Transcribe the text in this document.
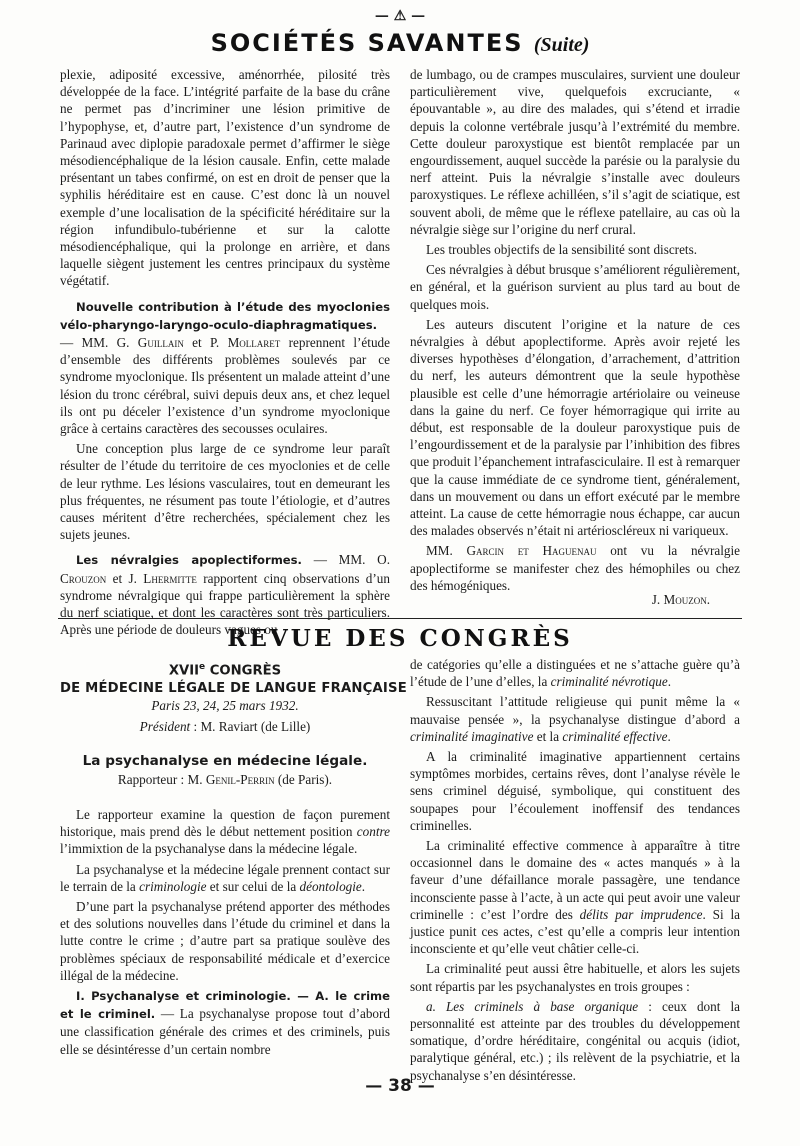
— ⚠ —
SOCIÉTÉS SAVANTES (Suite)

plexie, adiposité excessive, aménorrhée, pilosité très développée de la face. L’intégrité parfaite de la base du crâne ne permet pas d’incriminer une lésion primitive de l’hypophyse, et, d’autre part, l’existence d’un syndrome de Parinaud avec diplopie paradoxale permet d’affirmer le siège mésodiencéphalique de la lésion causale. Enfin, cette malade présentant un tabes confirmé, on est en droit de penser que la syphilis héréditaire est en cause. C’est donc là un nouvel exemple d’une localisation de la spécificité héréditaire sur la région infundibulo-tubérienne et sur la calotte mésodiencéphalique, qui la prolonge en arrière, et dans laquelle siègent justement les centres principaux du système végétatif.

Nouvelle contribution à l’étude des myoclonies vélo-pharyngo-laryngo-oculo-diaphragmatiques.— MM. G. Guillain et P. Mollaret reprennent l’étude d’ensemble des différents problèmes soulevés par ce syndrome myoclonique. Ils présentent un malade atteint d’une lésion du tronc cérébral, suivi depuis deux ans, et chez lequel ils ont pu déceler l’existence d’un syndrome myoclonique grâce à certains caractères des secousses oculaires.

Une conception plus large de ce syndrome leur paraît résulter de l’étude du territoire de ces myoclonies et de celle de leur rythme. Les lésions vasculaires, tout en demeurant les plus fréquentes, ne résument pas toute l’étiologie, et d’autres causes méritent d’être recherchées, spécialement chez les sujets jeunes.

Les névralgies apoplectiformes. — MM. O. Crouzon et J. Lhermitte rapportent cinq observations d’un syndrome névralgique qui frappe particulièrement la sphère du nerf sciatique, et dont les caractères sont très particuliers. Après une période de douleurs vagues ou

de lumbago, ou de crampes musculaires, survient une douleur particulièrement vive, quelquefois excruciante, « épouvantable », au dire des malades, qui s’étend et irradie depuis la colonne vertébrale jusqu’à l’extrémité du membre. Cette douleur paroxystique est bientôt remplacée par un engourdissement, auquel succède la parésie ou la paralysie du nerf atteint. Puis la névralgie s’installe avec douleurs paroxystiques. Le réflexe achilléen, s’il s’agit de sciatique, est souvent aboli, de même que le réflexe patellaire, au cas où la névralgie siège sur l’origine du nerf crural.

Les troubles objectifs de la sensibilité sont discrets.

Ces névralgies à début brusque s’améliorent régulièrement, en général, et la guérison survient au plus tard au bout de quelques mois.

Les auteurs discutent l’origine et la nature de ces névralgies à début apoplectiforme. Après avoir rejeté les diverses hypothèses d’élongation, d’arrachement, d’attrition du nerf, les auteurs démontrent que la seule hypothèse plausible est celle d’une hémorragie artériolaire ou veineuse dans la gaine du nerf. Ce foyer hémorragique qui irrite au début, est responsable de la douleur paroxystique puis de l’engourdissement et de la paralysie par l’inhibition des fibres que produit l’épanchement intrafasciculaire. Il est à remarquer que la cause immédiate de ce syndrome tient, généralement, dans un mouvement ou dans un effort exécuté par le membre atteint. La cause de cette hémorragie nous échappe, car aucun des malades observés n’était ni artérioscléreux ni variqueux.

MM. Garcin et Haguenau ont vu la névralgie apoplectiforme se manifester chez des hémophiles ou chez des hémogéniques.

J. Mouzon.
REVUE DES CONGRÈS
XVIIe CONGRÈS
DE MÉDECINE LÉGALE DE LANGUE FRANÇAISE
Paris 23, 24, 25 mars 1932.
Président : M. Raviart (de Lille)
La psychanalyse en médecine légale.
Rapporteur : M. Genil-Perrin (de Paris).

Le rapporteur examine la question de façon purement historique, mais prend dès le début nettement position contre l’immixtion de la psychanalyse dans la médecine légale.

La psychanalyse et la médecine légale prennent contact sur le terrain de la criminologie et sur celui de la déontologie.

D’une part la psychanalyse prétend apporter des méthodes et des solutions nouvelles dans l’étude du criminel et dans la lutte contre le crime ; d’autre part sa pratique soulève des problèmes spéciaux de responsabilité médicale et d’exercice illégal de la médecine.

I. Psychanalyse et criminologie. — A. le crime et le criminel. — La psychanalyse propose tout d’abord une classification générale des crimes et des criminels, puis elle se désintéresse d’un certain nombre

de catégories qu’elle a distinguées et ne s’attache guère qu’à l’étude de l’une d’elles, la criminalité névrotique.

Ressuscitant l’attitude religieuse qui punit même la « mauvaise pensée », la psychanalyse distingue d’abord a criminalité imaginative et la criminalité effective.

A la criminalité imaginative appartiennent certains symptômes morbides, certains rêves, dont l’analyse révèle le sens criminel déguisé, symbolique, qui constituent des soupapes pour l’écoulement inoffensif des tendances criminelles.

La criminalité effective commence à apparaître à titre occasionnel dans le domaine des « actes manqués » à la faveur d’une défaillance morale passagère, une tendance inconsciente passe à l’acte, à un acte qui peut avoir une valeur criminelle : c’est l’ordre des délits par imprudence. Si la justice punit ces actes, c’est qu’elle a compris leur intention inconsciente et qu’elle veut châtier celle-ci.

La criminalité peut aussi être habituelle, et alors les sujets sont répartis par les psychanalystes en trois groupes :

a. Les criminels à base organique : ceux dont la personnalité est atteinte par des troubles du développement somatique, d’ordre héréditaire, congénital ou acquis (idiot, paralytique général, etc.) ; ils relèvent de la psychiatrie, et la psychanalyse s’en désintéresse.

— 38 —
